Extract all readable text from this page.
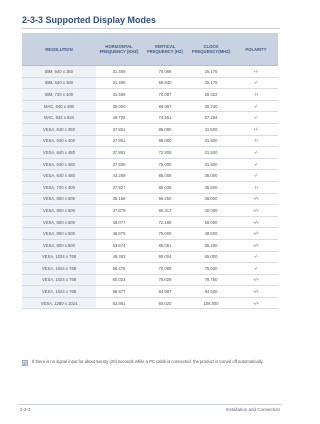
2-3-3 Supported Display Modes
RESOLUTION	HORIZONTAL FREQUENCY (KHZ)	VERTICAL FREQUENCY (HZ)	CLOCK FREQUENCY(MHZ)	POLARITY
IBM, 640 x 350	31.469	70.086	25.175	+/-
IBM, 640 x 480	31.469	59.940	25.175	-/-
IBM, 720 x 400	31.469	70.087	28.322	-/+
MAC, 640 x 480	35.000	66.667	30.240	-/-
MAC, 832 x 624	49.726	74.551	57.284	-/-
VESA, 640 x 350	37.861	85.080	31.500	+/-
VESA, 640 x 400	37.861	85.080	31.500	-/+
VESA, 640 x 480	37.861	72.809	31.500	-/-
VESA, 640 x 480	37.500	75.000	31.500	-/-
VESA, 640 x 480	43.269	85.008	36.000	-/-
VESA, 720 x 400	37.927	85.039	35.500	-/+
VESA, 800 x 600	35.156	56.250	36.000	+/+
VESA, 800 x 600	37.879	60.317	40.000	+/+
VESA, 800 x 600	48.077	72.188	50.000	+/+
VESA, 800 x 600	46.875	75.000	49.500	+/+
VESA, 800 x 600	53.674	85.061	56.250	+/+
VESA, 1024 x 768	48.363	60.004	65.000	-/-
VESA, 1024 x 768	56.476	70.069	75.000	-/-
VESA, 1024 x 768	60.023	75.029	78.750	+/+
VESA, 1024 x 768	68.677	84.997	94.500	+/+
VESA, 1280 x 1024	63.981	60.020	108.000	+/+
If there is no signal input for about twenty (20) seconds while a PC cable is connected, the product is turned off automatically.
2-3-3	Installation and Connection
